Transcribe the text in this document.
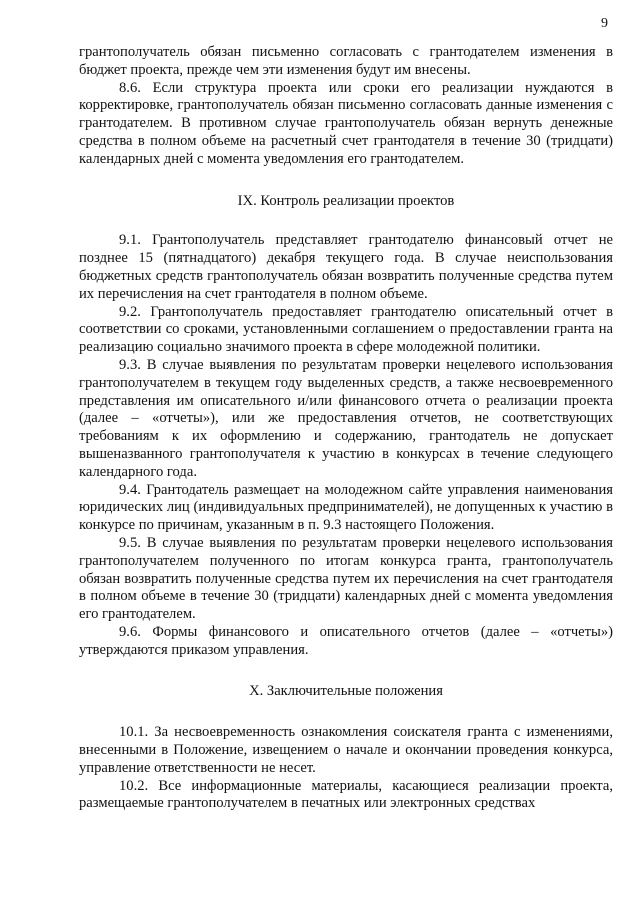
9

грантополучатель обязан письменно согласовать с грантодателем изменения в бюджет проекта, прежде чем эти изменения будут им внесены.

8.6. Если структура проекта или сроки его реализации нуждаются в корректировке, грантополучатель обязан письменно согласовать данные изменения с грантодателем. В противном случае грантополучатель обязан вернуть денежные средства в полном объеме на расчетный счет грантодателя в течение 30 (тридцати) календарных дней с момента уведомления его грантодателем.

IX. Контроль реализации проектов

9.1. Грантополучатель представляет грантодателю финансовый отчет не позднее 15 (пятнадцатого) декабря текущего года. В случае неиспользования бюджетных средств грантополучатель обязан возвратить полученные средства путем их перечисления на счет грантодателя в полном объеме.

9.2. Грантополучатель предоставляет грантодателю описательный отчет в соответствии со сроками, установленными соглашением о предоставлении гранта на реализацию социально значимого проекта в сфере молодежной политики.

9.3. В случае выявления по результатам проверки нецелевого использования грантополучателем в текущем году выделенных средств, а также несвоевременного представления им описательного и/или финансового отчета о реализации проекта (далее – «отчеты»), или же предоставления отчетов, не соответствующих требованиям к их оформлению и содержанию, грантодатель не допускает вышеназванного грантополучателя к участию в конкурсах в течение следующего календарного года.

9.4. Грантодатель размещает на молодежном сайте управления наименования юридических лиц (индивидуальных предпринимателей), не допущенных к участию в конкурсе по причинам, указанным в п. 9.3 настоящего Положения.

9.5. В случае выявления по результатам проверки нецелевого использования грантополучателем полученного по итогам конкурса гранта, грантополучатель обязан возвратить полученные средства путем их перечисления на счет грантодателя в полном объеме в течение 30 (тридцати) календарных дней с момента уведомления его грантодателем.

9.6. Формы финансового и описательного отчетов (далее – «отчеты») утверждаются приказом управления.

X. Заключительные положения

10.1. За несвоевременность ознакомления соискателя гранта с изменениями, внесенными в Положение, извещением о начале и окончании проведения конкурса, управление ответственности не несет.

10.2. Все информационные материалы, касающиеся реализации проекта, размещаемые грантополучателем в печатных или электронных средствах
